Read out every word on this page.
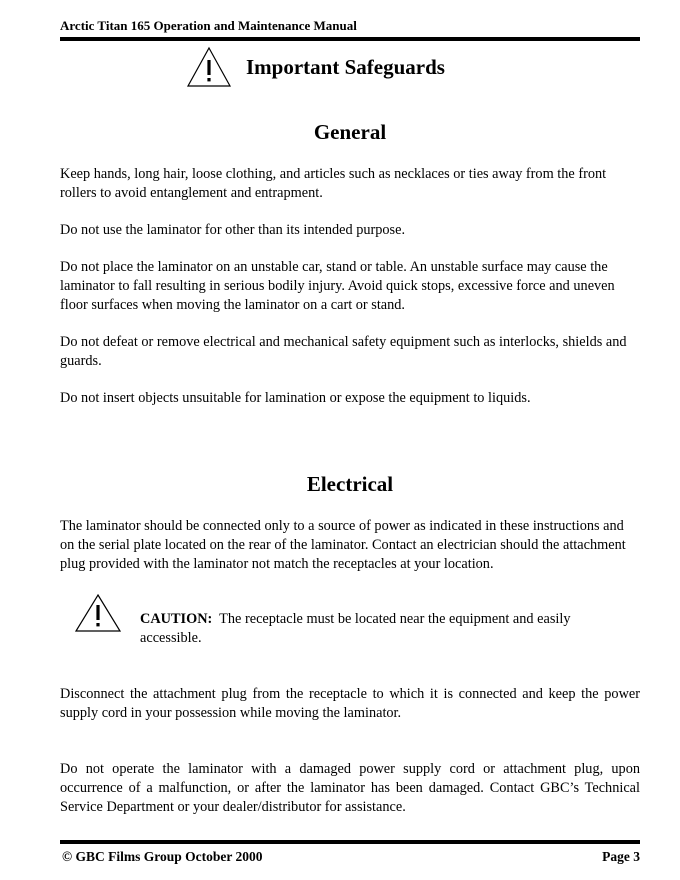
Arctic Titan 165 Operation and Maintenance Manual
Important Safeguards
General

Keep hands, long hair, loose clothing, and articles such as necklaces or ties away from the front rollers to avoid entanglement and entrapment.

Do not use the laminator for other than its intended purpose.

Do not place the laminator on an unstable car, stand or table. An unstable surface may cause the laminator to fall resulting in serious bodily injury. Avoid quick stops, excessive force and uneven floor surfaces when moving the laminator on a cart or stand.

Do not defeat or remove electrical and mechanical safety equipment such as interlocks, shields and guards.

Do not insert objects unsuitable for lamination or expose the equipment to liquids.

Electrical

The laminator should be connected only to a source of power as indicated in these instructions and on the serial plate located on the rear of the laminator. Contact an electrician should the attachment plug provided with the laminator not match the receptacles at your location.

CAUTION: The receptacle must be located near the equipment and easily accessible.

Disconnect the attachment plug from the receptacle to which it is connected and keep the power supply cord in your possession while moving the laminator.

Do not operate the laminator with a damaged power supply cord or attachment plug, upon occurrence of a malfunction, or after the laminator has been damaged. Contact GBC’s Technical Service Department or your dealer/distributor for assistance.

© GBC Films Group October 2000	Page 3
